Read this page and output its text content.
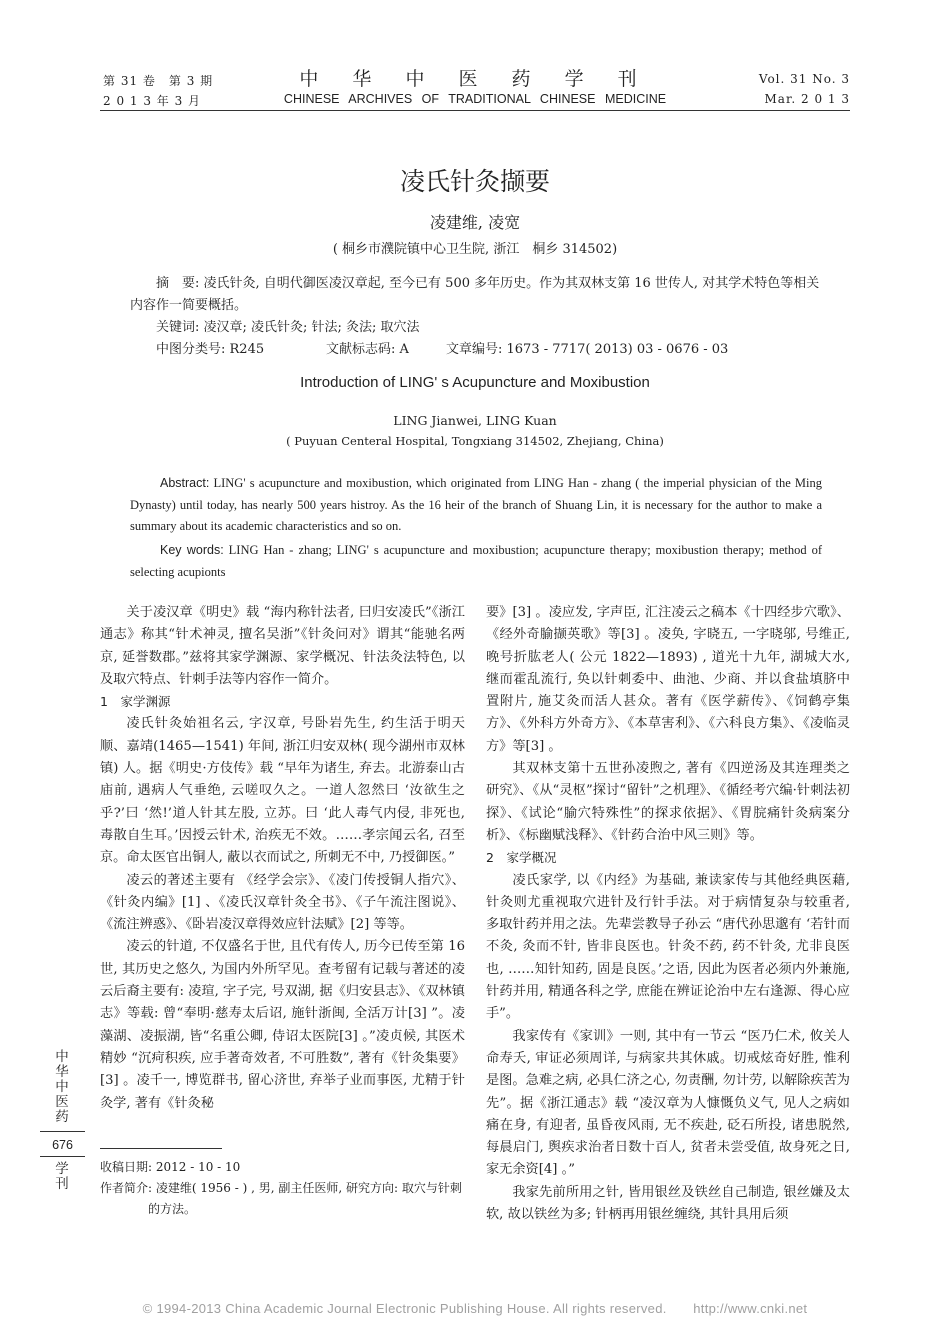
第 31 卷　第 3 期
2 0 1 3 年 3 月
中 华 中 医 药 学 刊
CHINESE ARCHIVES OF TRADITIONAL CHINESE MEDICINE
Vol. 31 No. 3
Mar. 2 0 1 3
凌氏针灸撷要
凌建维, 凌宽
( 桐乡市濮院镇中心卫生院, 浙江　桐乡 314502)
摘　要: 凌氏针灸, 自明代御医凌汉章起, 至今已有 500 多年历史。作为其双林支第 16 世传人, 对其学术特色等相关内容作一简要概括。
关键词: 凌汉章; 凌氏针灸; 针法; 灸法; 取穴法
中图分类号: R245	文献标志码: A	文章编号: 1673 - 7717( 2013) 03 - 0676 - 03
Introduction of LING' s Acupuncture and Moxibustion
LING Jianwei, LING Kuan
( Puyuan Centeral Hospital, Tongxiang 314502, Zhejiang, China)
Abstract: LING' s acupuncture and moxibustion, which originated from LING Han - zhang ( the imperial physician of the Ming Dynasty) until today, has nearly 500 years histroy. As the 16 heir of the branch of Shuang Lin, it is necessary for the author to make a summary about its academic characteristics and so on.
Key words: LING Han - zhang; LING' s acupuncture and moxibustion; acupuncture therapy; moxibustion therapy; method of selecting acupionts

关于凌汉章《明史》载 “海内称针法者, 曰归安凌氏”《浙江通志》称其“针术神灵, 擅名吴浙”《针灸问对》谓其“能驰名两京, 延誉数郡。”兹将其家学渊源、家学概况、针法灸法特色, 以及取穴特点、针刺手法等内容作一简介。

1　家学渊源

凌氏针灸始祖名云, 字汉章, 号卧岩先生, 约生活于明天顺、嘉靖(1465—1541) 年间, 浙江归安双林( 现今湖州市双林镇) 人。据《明史·方伎传》载 “早年为诸生, 弃去。北游泰山古庙前, 遇病人气垂绝, 云嗟叹久之。一道人忽然曰 ‘汝欲生之乎?’曰 ‘然!’道人针其左股, 立苏。曰 ‘此人毒气内侵, 非死也, 毒散自生耳。’因授云针术, 治疾无不效。……孝宗闻云名, 召至京。命太医官出铜人, 蔽以衣而试之, 所刺无不中, 乃授御医。”

凌云的著述主要有 《经学会宗》、《凌门传授铜人指穴》、《针灸内编》[1] 、《凌氏汉章针灸全书》、《子午流注图说》、《流注辨惑》、《卧岩凌汉章得效应针法赋》[2] 等等。

凌云的针道, 不仅盛名于世, 且代有传人, 历今已传至第 16 世, 其历史之悠久, 为国内外所罕见。查考留有记载与著述的凌云后裔主要有: 凌瑄, 字子完, 号双湖, 据《归安县志》、《双林镇志》等载: 曾“奉明·慈寿太后诏, 施针浙闽, 全活万计[3] ”。凌藻湖、凌振湖, 皆“名重公卿, 侍诏太医院[3] 。”凌贞候, 其医术精妙 “沉疴积疾, 应手著奇效者, 不可胜数”, 著有《针灸集要》[3] 。凌千一, 博览群书, 留心济世, 弃举子业而事医, 尤精于针灸学, 著有《针灸秘

要》[3] 。凌应发, 字声臣, 汇注凌云之稿本《十四经步穴歌》、《经外奇腧撷英歌》等[3] 。凌奂, 字晓五, 一字晓邬, 号维正, 晚号折肱老人( 公元 1822—1893) , 道光十九年, 湖城大水, 继而霍乱流行, 奂以针刺委中、曲池、少商、并以食盐填脐中置附片, 施艾灸而活人甚众。著有《医学薪传》、《饲鹤亭集方》、《外科方外奇方》、《本草害利》、《六科良方集》、《凌临灵方》等[3] 。

其双林支第十五世孙凌煦之, 著有《四逆汤及其连理类之研究》、《从“灵枢”探讨“留针”之机理》、《循经考穴编·针刺法初探》、《试论“腧穴特殊性”的探求依据》、《胃脘痛针灸病案分析》、《标幽赋浅释》、《针药合治中风三则》等。

2　家学概况

凌氏家学, 以《内经》为基础, 兼读家传与其他经典医藉, 针灸则尤重视取穴进针及行针手法。对于病情复杂与较重者, 多取针药并用之法。先辈尝教导子孙云 “唐代孙思邈有 ‘若针而不灸, 灸而不针, 皆非良医也。针灸不药, 药不针灸, 尤非良医也, ……知针知药, 固是良医。’之语, 因此为医者必须内外兼施, 针药并用, 精通各科之学, 庶能在辨证论治中左右逢源、得心应手”。

我家传有《家训》一则, 其中有一节云 “医乃仁术, 攸关人命寿夭, 审证必须周详, 与病家共其休戚。切戒炫奇好胜, 惟利是图。急难之病, 必具仁济之心, 勿责酬, 勿计劳, 以解除疾苦为先”。据《浙江通志》载 “凌汉章为人慷慨负义气, 见人之病如痛在身, 有迎者, 虽昏夜风雨, 无不疾赴, 砭石所投, 诸患脱然, 每晨启门, 舆疾求治者日数十百人, 贫者未尝受值, 故身死之日, 家无余资[4] 。”

我家先前所用之针, 皆用银丝及铁丝自己制造, 银丝嫌及太软, 故以铁丝为多; 针柄再用银丝缠绕, 其针具用后须

收稿日期: 2012 - 10 - 10
作者简介: 凌建维( 1956 - ) , 男, 副主任医师, 研究方向: 取穴与针刺的方法。
中
华
中
医
药
676
学
刊
© 1994-2013 China Academic Journal Electronic Publishing House. All rights reserved.　　http://www.cnki.net
